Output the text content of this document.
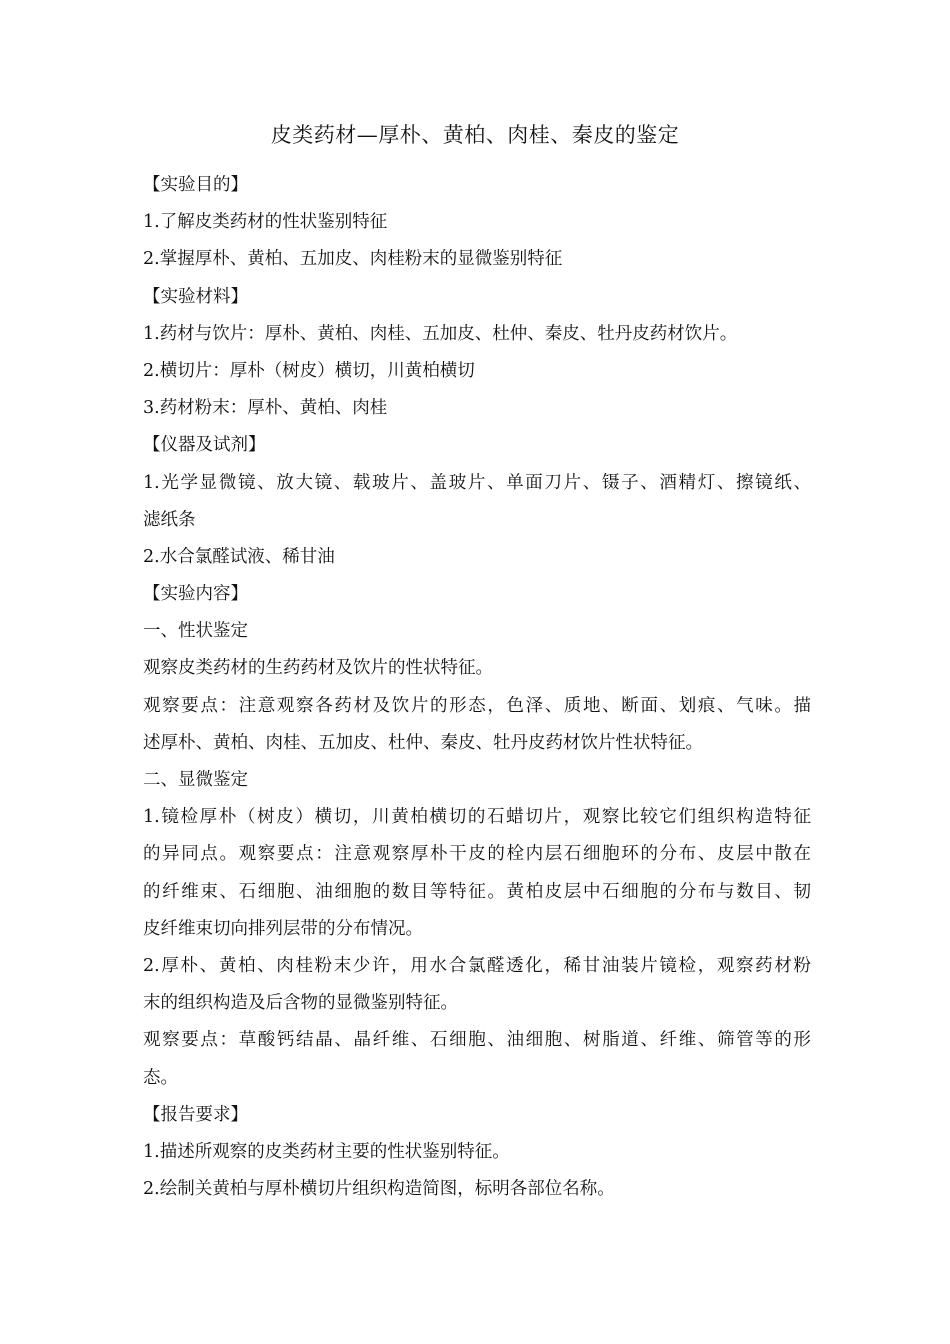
皮类药材—厚朴、黄柏、肉桂、秦皮的鉴定
【实验目的】
1.了解皮类药材的性状鉴别特征
2.掌握厚朴、黄柏、五加皮、肉桂粉末的显微鉴别特征
【实验材料】
1.药材与饮片：厚朴、黄柏、肉桂、五加皮、杜仲、秦皮、牡丹皮药材饮片。
2.横切片：厚朴（树皮）横切，川黄柏横切
3.药材粉末：厚朴、黄柏、肉桂
【仪器及试剂】
1.光学显微镜、放大镜、载玻片、盖玻片、单面刀片、镊子、酒精灯、擦镜纸、
滤纸条
2.水合氯醛试液、稀甘油
【实验内容】
一、性状鉴定
观察皮类药材的生药药材及饮片的性状特征。
观察要点：注意观察各药材及饮片的形态，色泽、质地、断面、划痕、气味。描
述厚朴、黄柏、肉桂、五加皮、杜仲、秦皮、牡丹皮药材饮片性状特征。
二、显微鉴定
1.镜检厚朴（树皮）横切，川黄柏横切的石蜡切片，观察比较它们组织构造特征
的异同点。观察要点：注意观察厚朴干皮的栓内层石细胞环的分布、皮层中散在
的纤维束、石细胞、油细胞的数目等特征。黄柏皮层中石细胞的分布与数目、韧
皮纤维束切向排列层带的分布情况。
2.厚朴、黄柏、肉桂粉末少许，用水合氯醛透化，稀甘油装片镜检，观察药材粉
末的组织构造及后含物的显微鉴别特征。
观察要点：草酸钙结晶、晶纤维、石细胞、油细胞、树脂道、纤维、筛管等的形
态。
【报告要求】
1.描述所观察的皮类药材主要的性状鉴别特征。
2.绘制关黄柏与厚朴横切片组织构造简图，标明各部位名称。
